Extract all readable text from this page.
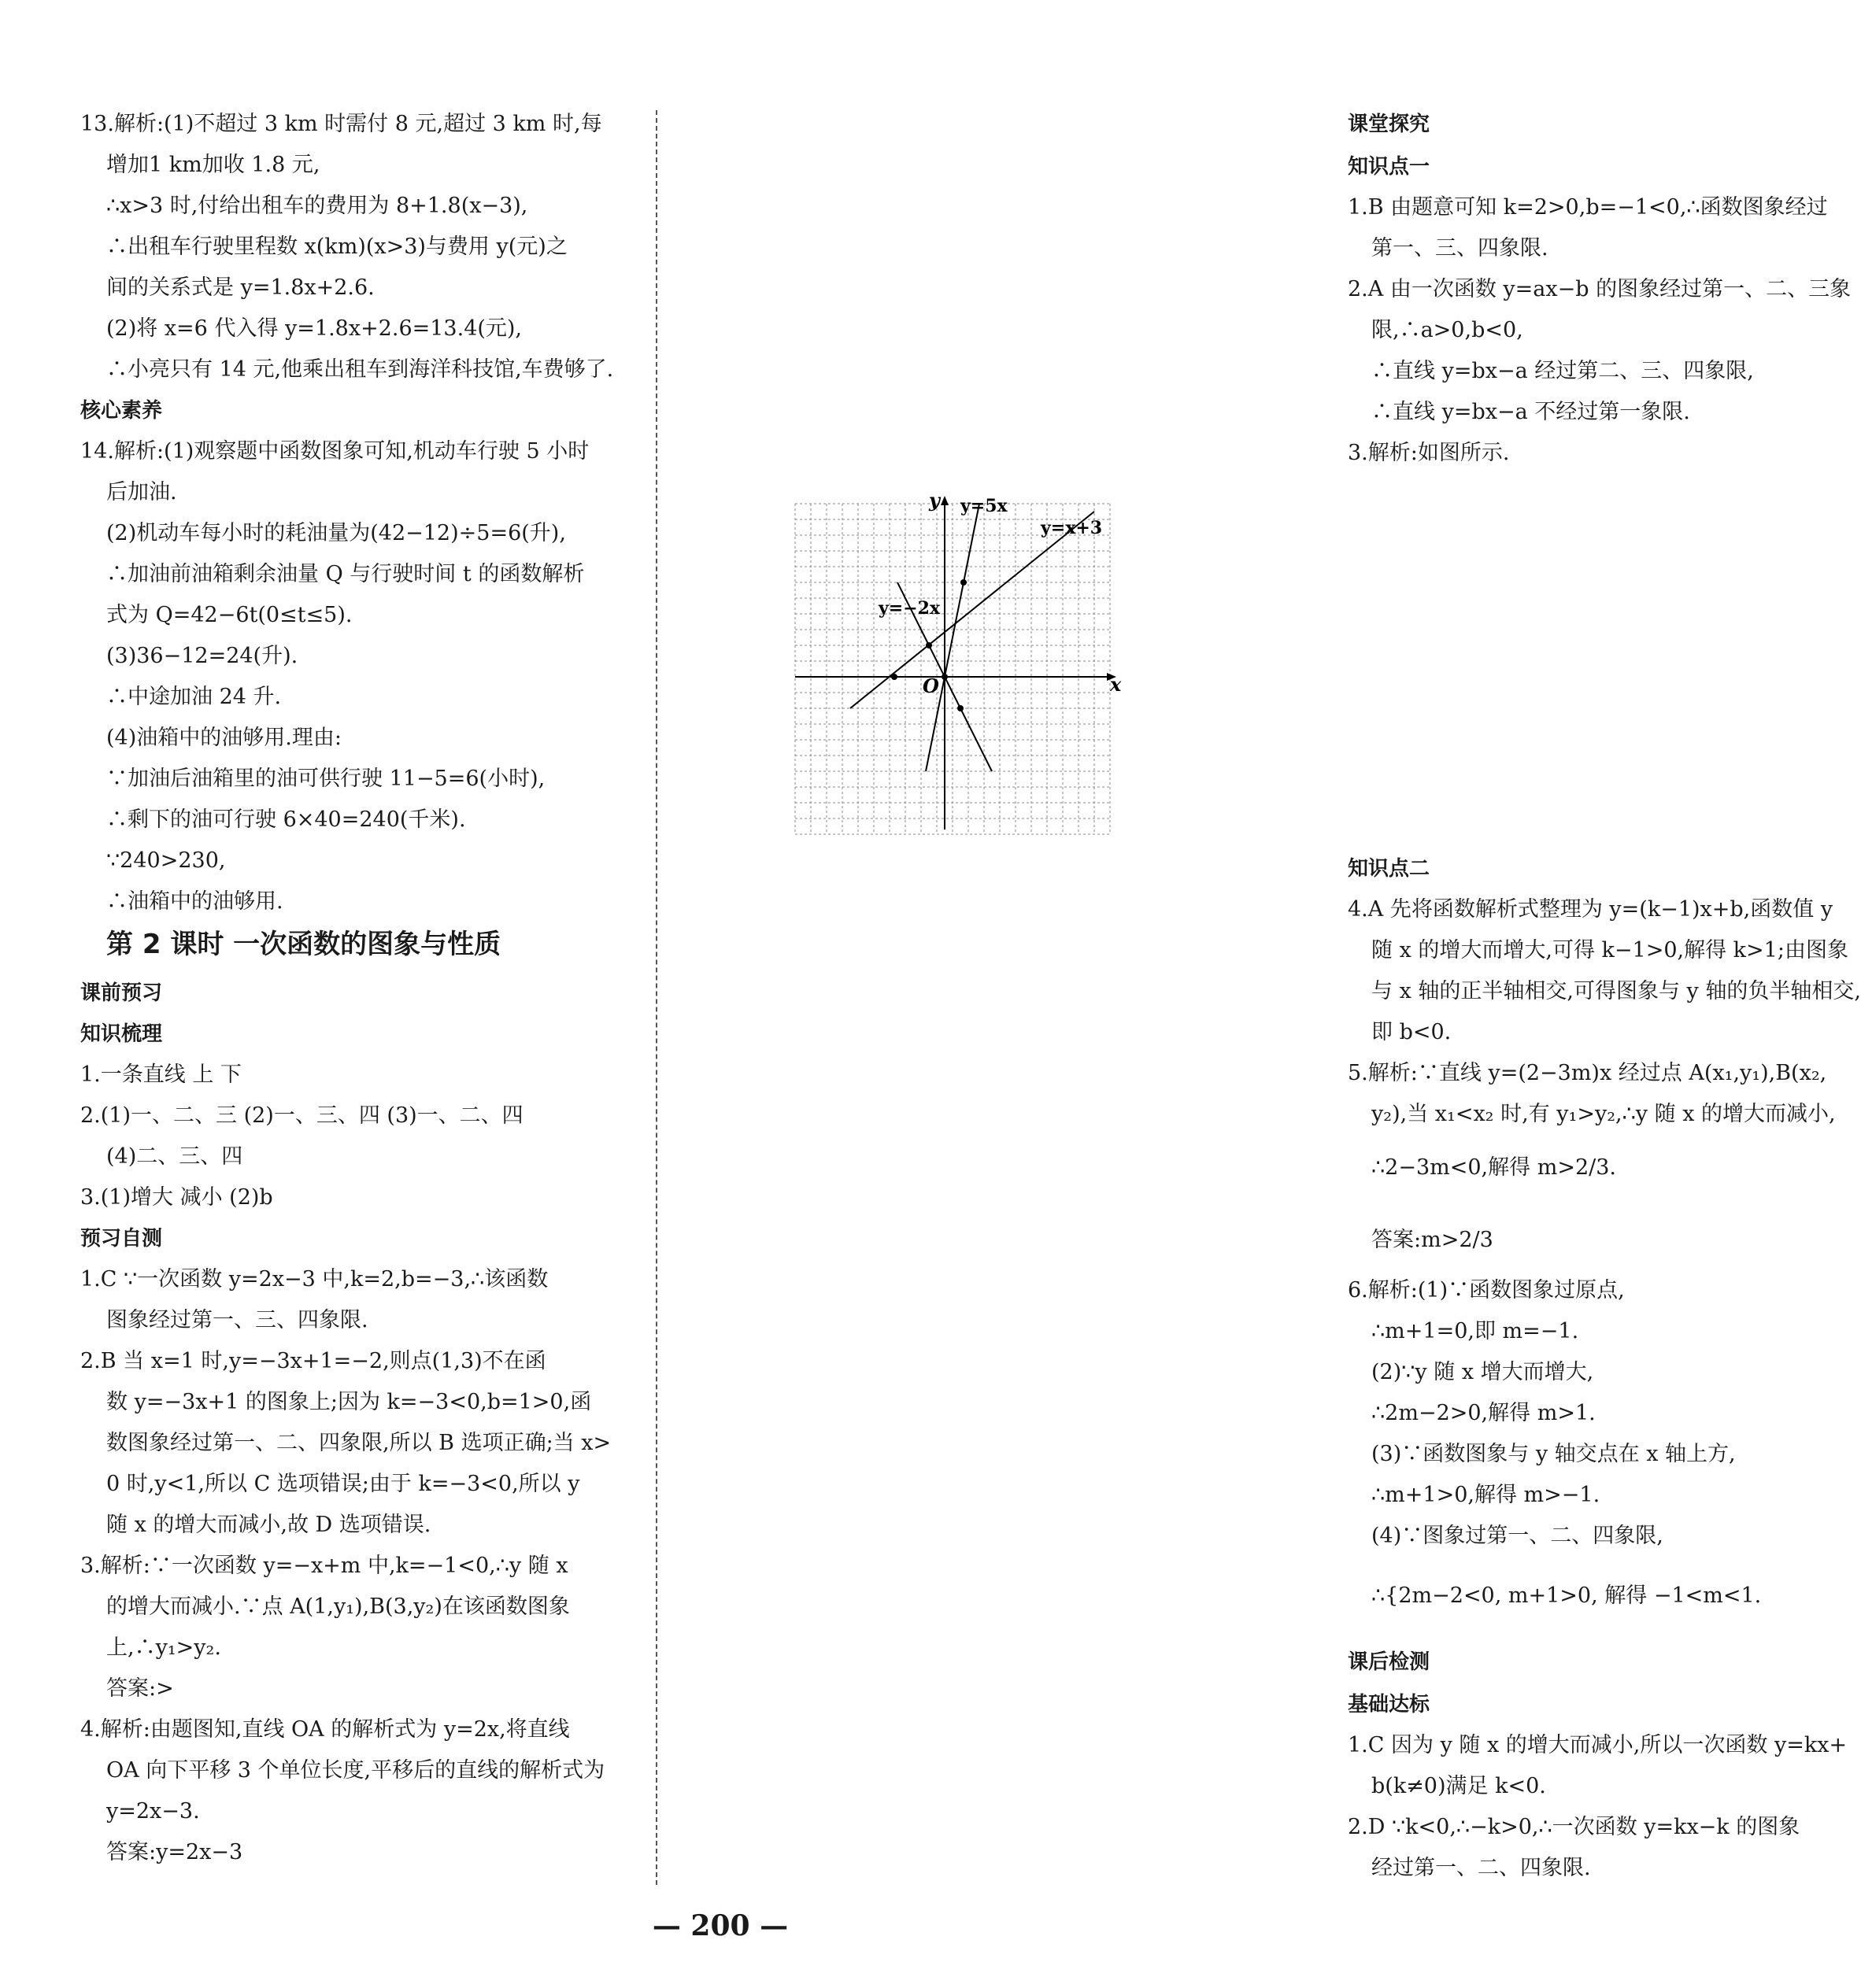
13.解析:(1)不超过 3 km 时需付 8 元,超过 3 km 时,每
增加1 km加收 1.8 元,
∴x>3 时,付给出租车的费用为 8+1.8(x−3),
∴出租车行驶里程数 x(km)(x>3)与费用 y(元)之
间的关系式是 y=1.8x+2.6.
(2)将 x=6 代入得 y=1.8x+2.6=13.4(元),
∴小亮只有 14 元,他乘出租车到海洋科技馆,车费够了.
核心素养
14.解析:(1)观察题中函数图象可知,机动车行驶 5 小时
后加油.
(2)机动车每小时的耗油量为(42−12)÷5=6(升),
∴加油前油箱剩余油量 Q 与行驶时间 t 的函数解析
式为 Q=42−6t(0≤t≤5).
(3)36−12=24(升).
∴中途加油 24 升.
(4)油箱中的油够用.理由:
∵加油后油箱里的油可供行驶 11−5=6(小时),
∴剩下的油可行驶 6×40=240(千米).
∵240>230,
∴油箱中的油够用.
第 2 课时 一次函数的图象与性质
课前预习
知识梳理
1.一条直线 上 下
2.(1)一、二、三 (2)一、三、四 (3)一、二、四
(4)二、三、四
3.(1)增大 减小 (2)b
预习自测
1.C ∵一次函数 y=2x−3 中,k=2,b=−3,∴该函数
图象经过第一、三、四象限.
2.B 当 x=1 时,y=−3x+1=−2,则点(1,3)不在函
数 y=−3x+1 的图象上;因为 k=−3<0,b=1>0,函
数图象经过第一、二、四象限,所以 B 选项正确;当 x>
0 时,y<1,所以 C 选项错误;由于 k=−3<0,所以 y
随 x 的增大而减小,故 D 选项错误.
3.解析:∵一次函数 y=−x+m 中,k=−1<0,∴y 随 x
的增大而减小.∵点 A(1,y₁),B(3,y₂)在该函数图象
上,∴y₁>y₂.
答案:>
4.解析:由题图知,直线 OA 的解析式为 y=2x,将直线
OA 向下平移 3 个单位长度,平移后的直线的解析式为
y=2x−3.
答案:y=2x−3
课堂探究
知识点一
1.B 由题意可知 k=2>0,b=−1<0,∴函数图象经过
第一、三、四象限.
2.A 由一次函数 y=ax−b 的图象经过第一、二、三象
限,∴a>0,b<0,
∴直线 y=bx−a 经过第二、三、四象限,
∴直线 y=bx−a 不经过第一象限.
3.解析:如图所示.
知识点二
4.A 先将函数解析式整理为 y=(k−1)x+b,函数值 y
随 x 的增大而增大,可得 k−1>0,解得 k>1;由图象
与 x 轴的正半轴相交,可得图象与 y 轴的负半轴相交,
即 b<0.
5.解析:∵直线 y=(2−3m)x 经过点 A(x₁,y₁),B(x₂,
y₂),当 x₁<x₂ 时,有 y₁>y₂,∴y 随 x 的增大而减小,
∴2−3m<0,解得 m>2/3.
答案:m>2/3
6.解析:(1)∵函数图象过原点,
∴m+1=0,即 m=−1.
(2)∵y 随 x 增大而增大,
∴2m−2>0,解得 m>1.
(3)∵函数图象与 y 轴交点在 x 轴上方,
∴m+1>0,解得 m>−1.
(4)∵图象过第一、二、四象限,
∴{2m−2<0, m+1>0, 解得 −1<m<1.
课后检测
基础达标
1.C 因为 y 随 x 的增大而减小,所以一次函数 y=kx+
b(k≠0)满足 k<0.
2.D ∵k<0,∴−k>0,∴一次函数 y=kx−k 的图象
经过第一、二、四象限.
y
x
O
y=5x
y=x+3
y=−2x
— 200 —
